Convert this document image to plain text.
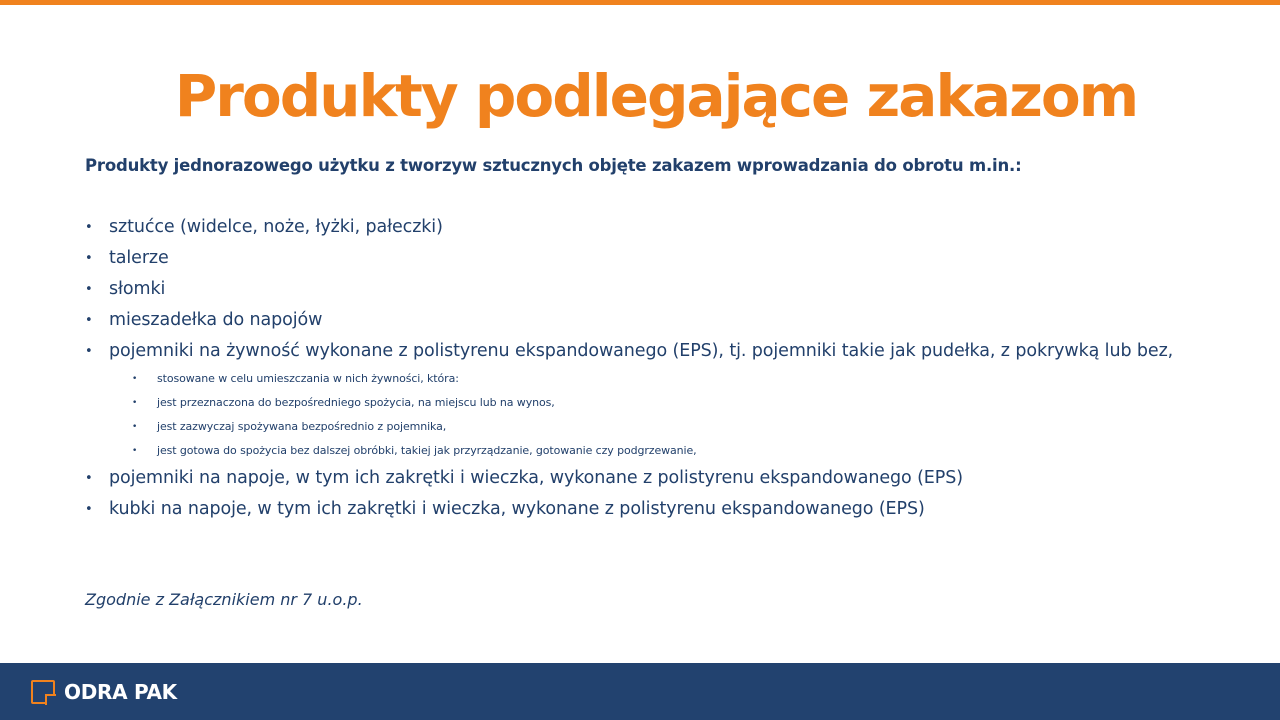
Produkty podlegające zakazom

Produkty jednorazowego użytku z tworzyw sztucznych objęte zakazem wprowadzania do obrotu m.in.:

• sztućce (widelce, noże, łyżki, pałeczki)
• talerze
• słomki
• mieszadełka do napojów
• pojemniki na żywność wykonane z polistyrenu ekspandowanego (EPS), tj. pojemniki takie jak pudełka, z pokrywką lub bez,
• stosowane w celu umieszczania w nich żywności, która:
• jest przeznaczona do bezpośredniego spożycia, na miejscu lub na wynos,
• jest zazwyczaj spożywana bezpośrednio z pojemnika,
• jest gotowa do spożycia bez dalszej obróbki, takiej jak przyrządzanie, gotowanie czy podgrzewanie,
• pojemniki na napoje, w tym ich zakrętki i wieczka, wykonane z polistyrenu ekspandowanego (EPS)
• kubki na napoje, w tym ich zakrętki i wieczka, wykonane z polistyrenu ekspandowanego (EPS)

Zgodnie z Załącznikiem nr 7 u.o.p.

ODRA PAK
